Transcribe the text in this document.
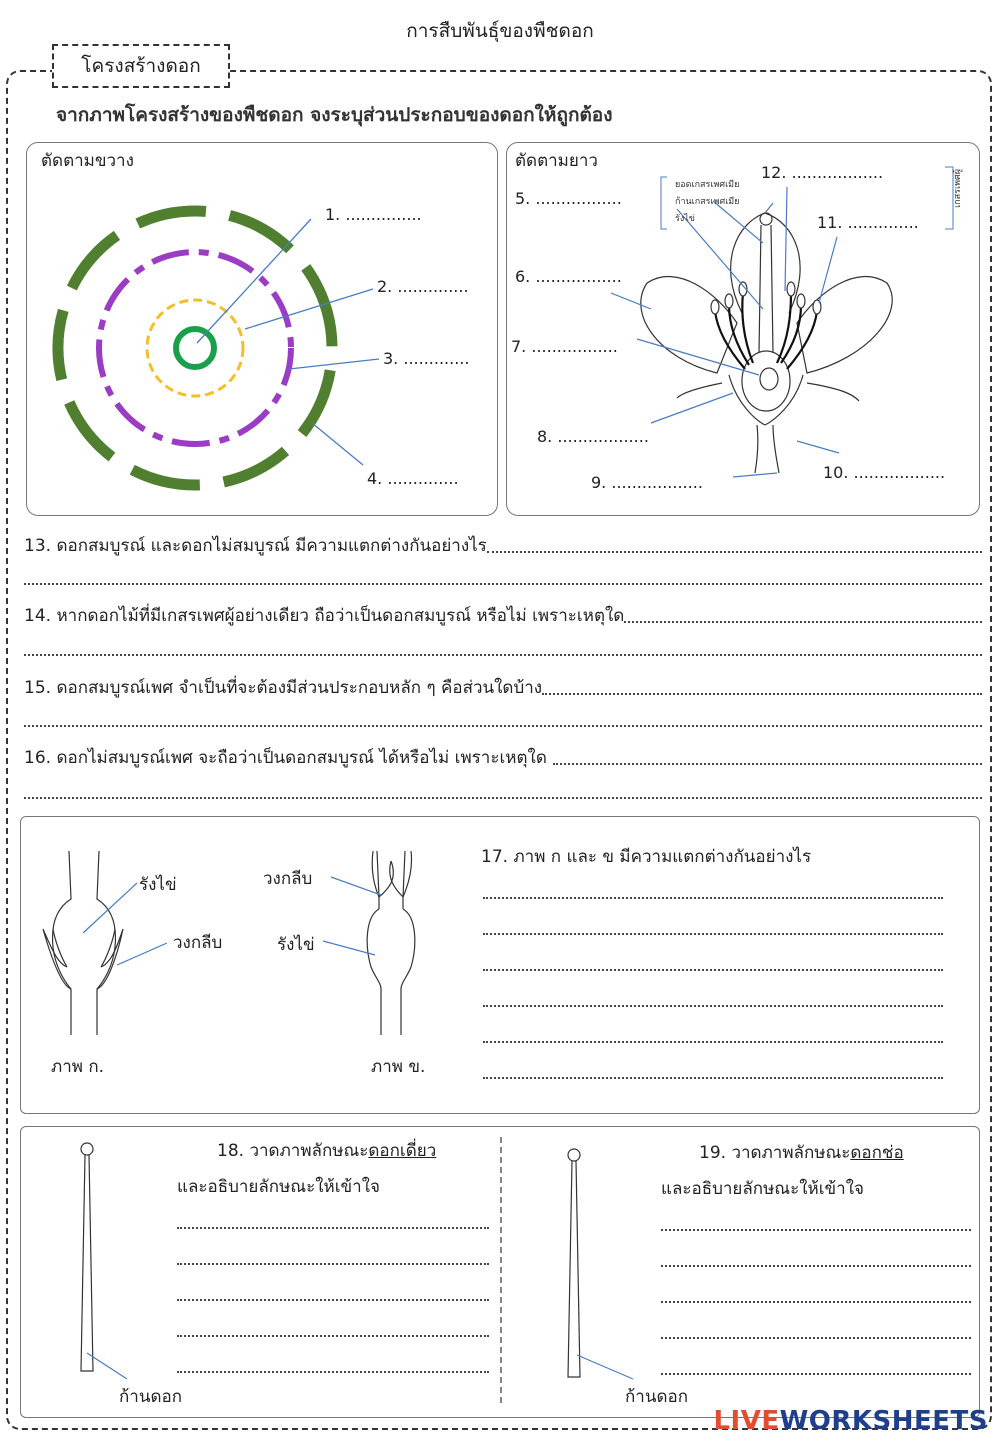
การสืบพันธุ์ของพืชดอก
โครงสร้างดอก
จากภาพโครงสร้างของพืชดอก จงระบุส่วนประกอบของดอกให้ถูกต้อง
ตัดตามขวาง
1. ...............
2. ..............
3. .............
4. ..............
ตัดตามยาว
ยอดเกสรเพศเมีย
ก้านเกสรเพศเมีย
รังไข่
เกสรเพศผู้
5. .................
6. .................
7. .................
8. ..................
9. ..................
10. ..................
11. ..............
12. ..................
13. ดอกสมบูรณ์ และดอกไม่สมบูรณ์ มีความแตกต่างกันอย่างไร
14. หากดอกไม้ที่มีเกสรเพศผู้อย่างเดียว ถือว่าเป็นดอกสมบูรณ์ หรือไม่ เพราะเหตุใด
15. ดอกสมบูรณ์เพศ จำเป็นที่จะต้องมีส่วนประกอบหลัก ๆ คือส่วนใดบ้าง
16. ดอกไม่สมบูรณ์เพศ จะถือว่าเป็นดอกสมบูรณ์ ได้หรือไม่ เพราะเหตุใด
รังไข่
วงกลีบ
ภาพ ก.
วงกลีบ
รังไข่
ภาพ ข.
17. ภาพ ก และ ข มีความแตกต่างกันอย่างไร
18. วาดภาพลักษณะดอกเดี่ยว
และอธิบายลักษณะให้เข้าใจ
ก้านดอก
19. วาดภาพลักษณะดอกช่อ
และอธิบายลักษณะให้เข้าใจ
ก้านดอก
LIVEWORKSHEETS
